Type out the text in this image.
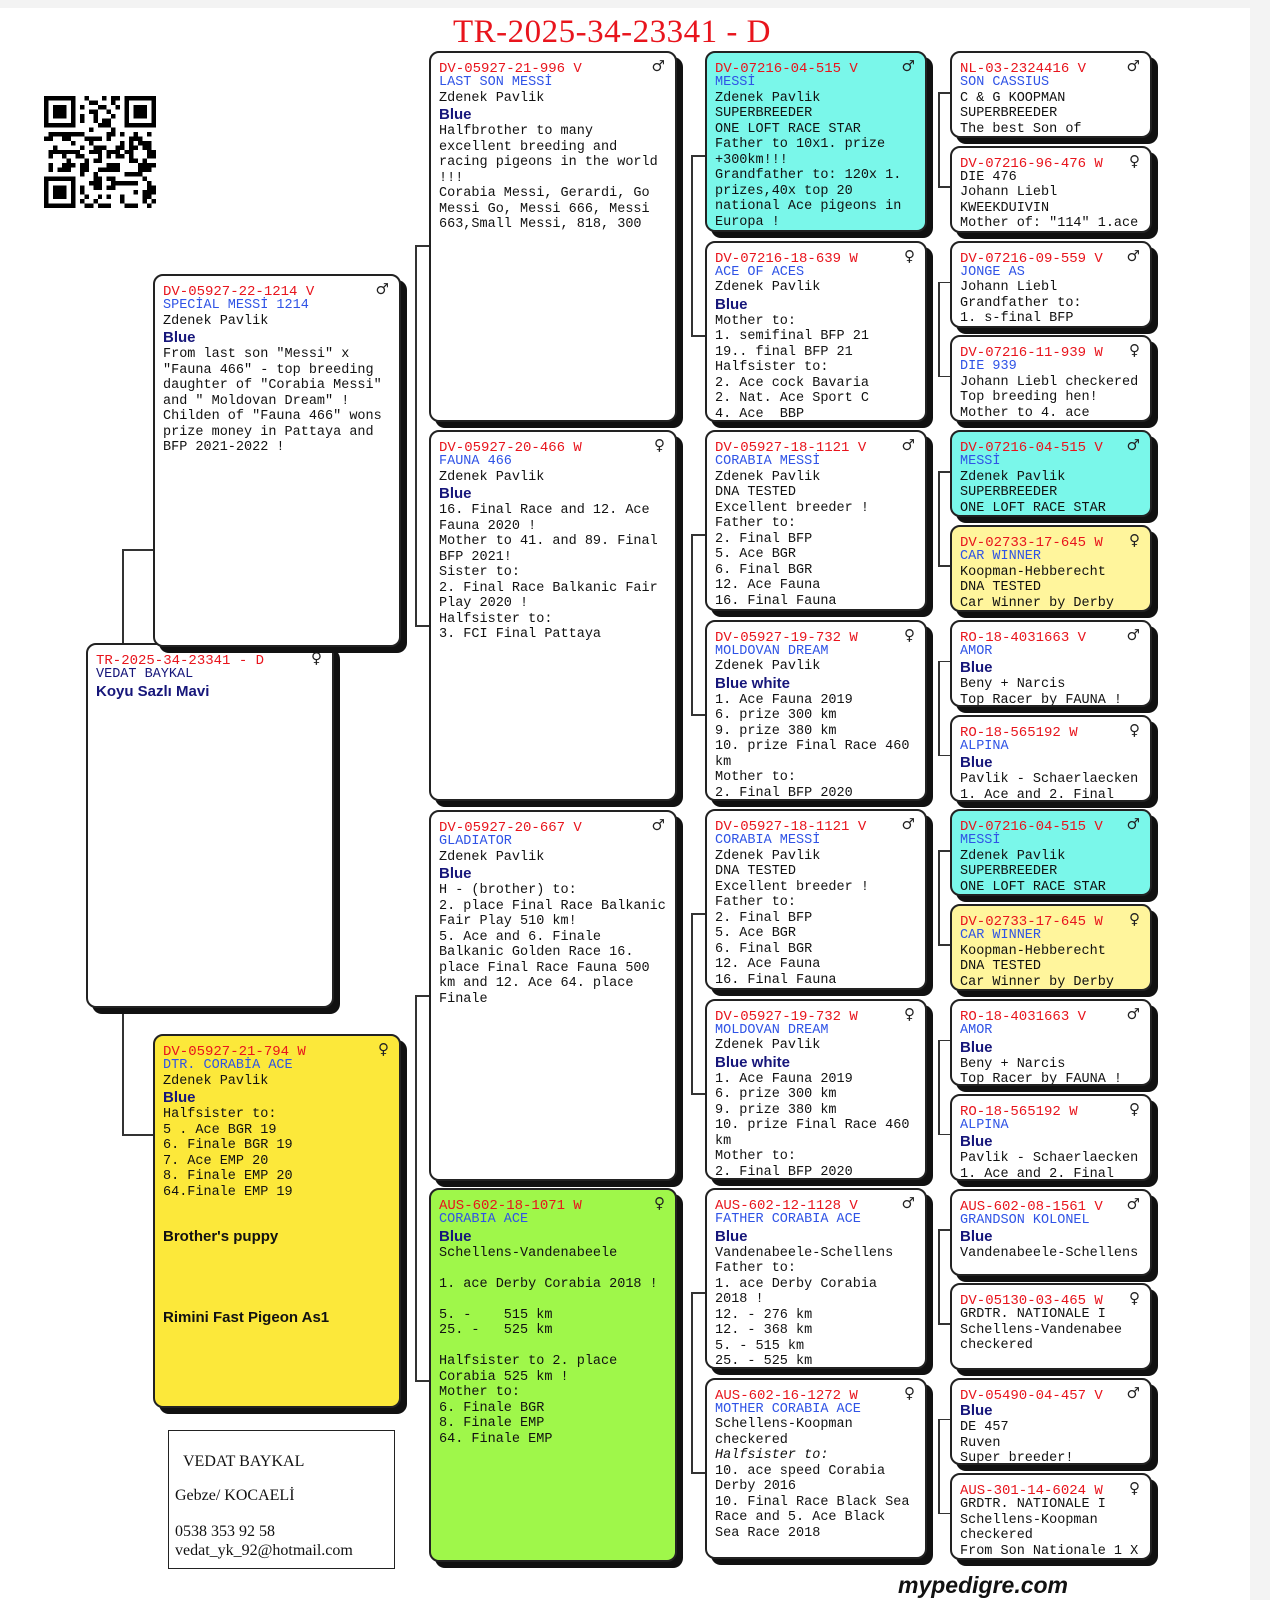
TR-2025-34-23341 - D
TR-2025-34-23341 - D	♀
VEDAT BAYKAL
Koyu Sazlı Mavi
DV-05927-22-1214 V	♂
SPECİAL MESSİ 1214
Zdenek Pavlik
Blue
From last son "Messi" x "Fauna 466" - top breeding daughter of "Corabia Messi" and " Moldovan Dream" !
Childen of "Fauna 466" wons prize money in Pattaya and BFP 2021-2022 !
DV-05927-21-794 W	♀
DTR. CORABİA ACE
Zdenek Pavlik
Blue
Halfsister to:
5 . Ace BGR 19
6. Finale BGR 19
7. Ace EMP 20
8. Finale EMP 20
64.Finale EMP 19
Brother's puppy
Rimini Fast Pigeon As1
DV-05927-21-996 V	♂
LAST SON MESSİ
Zdenek Pavlik
Blue
Halfbrother to many excellent breeding and racing pigeons in the world !!!
Corabia Messi, Gerardi, Go Messi Go, Messi 666, Messi 663,Small Messi, 818, 300
DV-05927-20-466 W	♀
FAUNA 466
Zdenek Pavlik
Blue
16. Final Race and 12. Ace Fauna 2020 !
Mother to 41. and 89. Final BFP 2021!
Sister to:
2. Final Race Balkanic Fair Play 2020 !
Halfsister to:
3. FCI Final Pattaya
DV-05927-20-667 V	♂
GLADIATOR
Zdenek Pavlik
Blue
H - (brother) to:
2. place Final Race Balkanic Fair Play 510 km!
5. Ace and 6. Finale Balkanic Golden Race 16. place Final Race Fauna 500 km and 12. Ace 64. place Finale
AUS-602-18-1071 W	♀
CORABIA ACE
Blue
Schellens-Vandenabeele
1. ace Derby Corabia 2018 !
5. -    515 km
25. -   525 km
Halfsister to 2. place Corabia 525 km !
Mother to:
6. Finale BGR
8. Finale EMP
64. Finale EMP
DV-07216-04-515 V	♂
MESSİ
Zdenek Pavlik
SUPERBREEDER
ONE LOFT RACE STAR
Father to 10x1. prize +300km!!!
Grandfather to: 120x 1. prizes,40x top 20 national Ace pigeons in Europa !
DV-07216-18-639 W	♀
ACE OF ACES
Zdenek Pavlik
Blue
Mother to:
1. semifinal BFP 21
19.. final BFP 21
Halfsister to:
2. Ace cock Bavaria
2. Nat. Ace Sport C
4. Ace  BBP
DV-05927-18-1121 V ♂
CORABIA MESSİ
Zdenek Pavlik
DNA TESTED
Excellent breeder !
Father to:
2. Final BFP
5. Ace BGR
6. Final BGR
12. Ace Fauna
16. Final Fauna
DV-05927-19-732 W	♀
MOLDOVAN DREAM
Zdenek Pavlik
Blue white
1. Ace Fauna 2019
6. prize 300 km
9. prize 380 km
10. prize Final Race 460 km
Mother to:
2. Final BFP 2020
DV-05927-18-1121 V ♂
CORABIA MESSİ
Zdenek Pavlik
DNA TESTED
Excellent breeder !
Father to:
2. Final BFP
5. Ace BGR
6. Final BGR
12. Ace Fauna
16. Final Fauna
DV-05927-19-732 W	♀
MOLDOVAN DREAM
Zdenek Pavlik
Blue white
1. Ace Fauna 2019
6. prize 300 km
9. prize 380 km
10. prize Final Race 460 km
Mother to:
2. Final BFP 2020
AUS-602-12-1128 V	♂
FATHER CORABIA ACE
Blue
Vandenabeele-Schellens
Father to:
1. ace Derby Corabia 2018 !
12. - 276 km
12. - 368 km
5. - 515 km
25. - 525 km
AUS-602-16-1272 W	♀
MOTHER CORABIA ACE
Schellens-Koopman
checkered
Halfsister to:
10. ace speed Corabia Derby 2016
10. Final Race Black Sea Race and 5. Ace Black Sea Race 2018
NL-03-2324416 V	♂
SON CASSIUS
C & G KOOPMAN
SUPERBREEDER
The best Son of
DV-07216-96-476 W ♀
DIE 476
Johann Liebl
KWEEKDUIVIN
Mother of: "114" 1.ace
DV-07216-09-559 V ♂
JONGE AS
Johann Liebl
Grandfather to:
1. s-final BFP
DV-07216-11-939 W ♀
DIE 939
Johann Liebl checkered
Top breeding hen!
Mother to 4. ace
DV-07216-04-515 V ♂
MESSİ
Zdenek Pavlik
SUPERBREEDER
ONE LOFT RACE STAR
DV-02733-17-645 W ♀
CAR WINNER
Koopman-Hebberecht
DNA TESTED
Car Winner by Derby
RO-18-4031663 V	♂
AMOR
Blue
Beny + Narcis
Top Racer by FAUNA !
RO-18-565192 W	♀
ALPINA
Blue
Pavlik - Schaerlaecken
1. Ace and 2. Final
DV-07216-04-515 V ♂
MESSİ
Zdenek Pavlik
SUPERBREEDER
ONE LOFT RACE STAR
DV-02733-17-645 W ♀
CAR WINNER
Koopman-Hebberecht
DNA TESTED
Car Winner by Derby
RO-18-4031663 V	♂
AMOR
Blue
Beny + Narcis
Top Racer by FAUNA !
RO-18-565192 W	♀
ALPINA
Blue
Pavlik - Schaerlaecken
1. Ace and 2. Final
AUS-602-08-1561 V ♂
GRANDSON KOLONEL
Blue
Vandenabeele-Schellens
DV-05130-03-465 W ♀
GRDTR. NATIONALE I
Schellens-Vandenabee
checkered
DV-05490-04-457 V ♂
Blue
DE 457
Ruven
Super breeder!
AUS-301-14-6024 W ♀
GRDTR. NATIONALE I
Schellens-Koopman
checkered
From Son Nationale 1 X
VEDAT BAYKAL
Gebze/ KOCAELİ
0538 353 92 58
vedat_yk_92@hotmail.com
mypedigre.com
